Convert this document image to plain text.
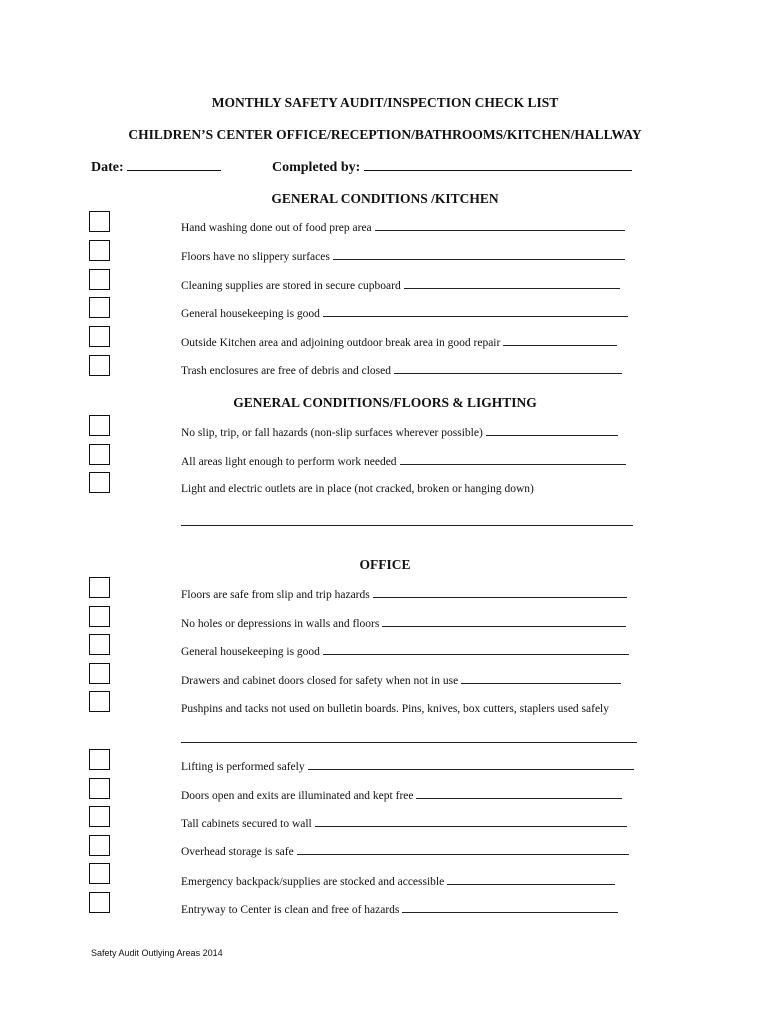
MONTHLY SAFETY AUDIT/INSPECTION CHECK LIST
CHILDREN’S CENTER OFFICE/RECEPTION/BATHROOMS/KITCHEN/HALLWAY
Date:	Completed by:
GENERAL CONDITIONS /KITCHEN
Hand washing done out of food prep area
Floors have no slippery surfaces
Cleaning supplies are stored in secure cupboard
General housekeeping is good
Outside Kitchen area and adjoining outdoor break area in good repair
Trash enclosures are free of debris and closed
GENERAL CONDITIONS/FLOORS & LIGHTING
No slip, trip, or fall hazards (non-slip surfaces wherever possible)
All areas light enough to perform work needed
Light and electric outlets are in place (not cracked, broken or hanging down)
OFFICE
Floors are safe from slip and trip hazards
No holes or depressions in walls and floors
General housekeeping is good
Drawers and cabinet doors closed for safety when not in use
Pushpins and tacks not used on bulletin boards. Pins, knives, box cutters, staplers used safely
Lifting is performed safely
Doors open and exits are illuminated and kept free
Tall cabinets secured to wall
Overhead storage is safe
Emergency backpack/supplies are stocked and accessible
Entryway to Center is clean and free of hazards
Safety Audit Outlying Areas 2014
